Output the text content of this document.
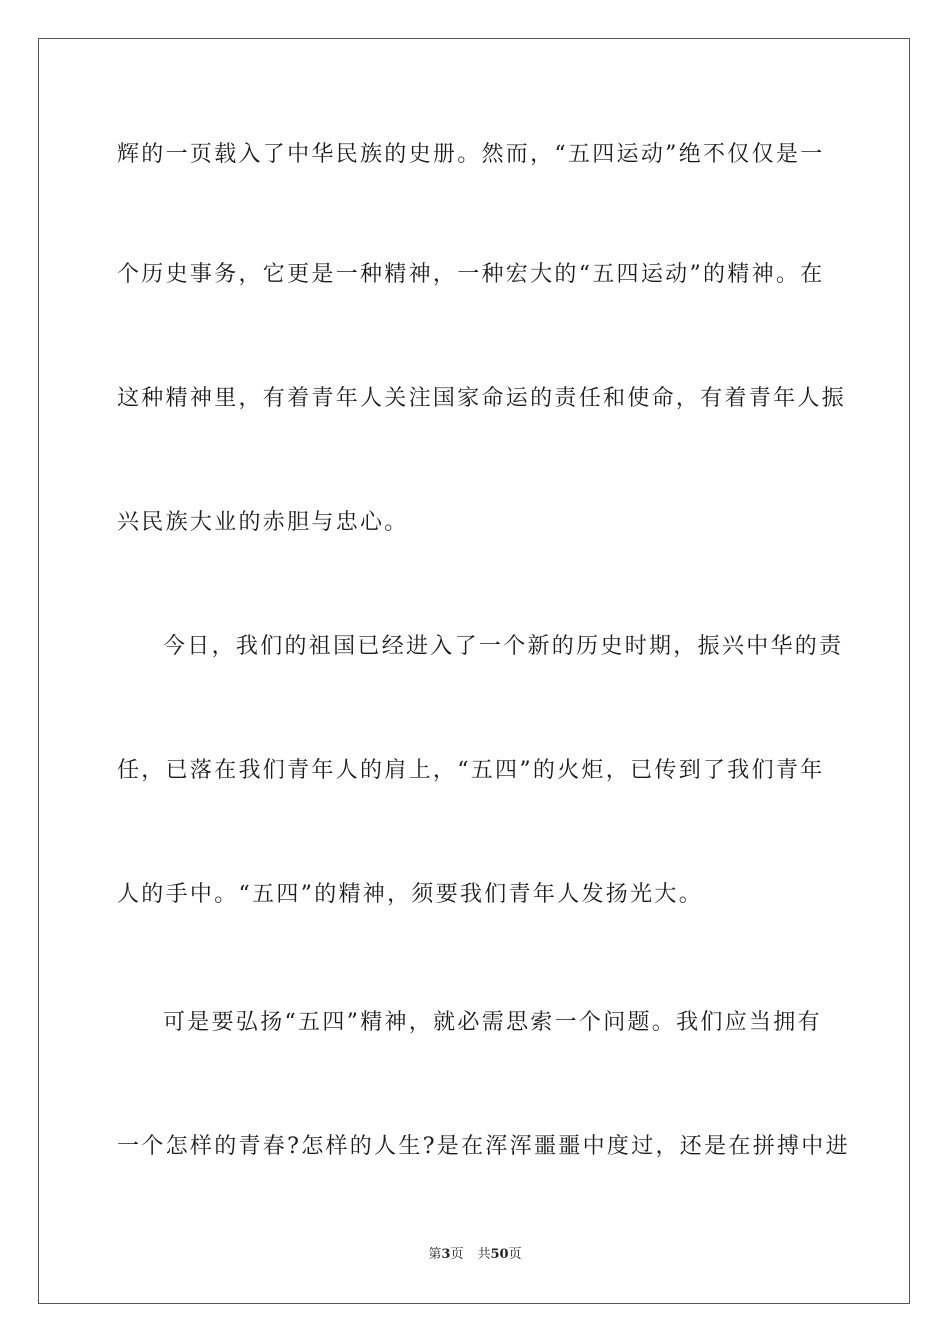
辉的一页载入了中华民族的史册。然而，“五四运动”绝不仅仅是一
个历史事务，它更是一种精神，一种宏大的“五四运动”的精神。在
这种精神里，有着青年人关注国家命运的责任和使命，有着青年人振
兴民族大业的赤胆与忠心。
今日，我们的祖国已经进入了一个新的历史时期，振兴中华的责
任，已落在我们青年人的肩上，“五四”的火炬，已传到了我们青年
人的手中。“五四”的精神，须要我们青年人发扬光大。
可是要弘扬“五四”精神，就必需思索一个问题。我们应当拥有
一个怎样的青春?怎样的人生?是在浑浑噩噩中度过，还是在拼搏中进
第3页 共50页
